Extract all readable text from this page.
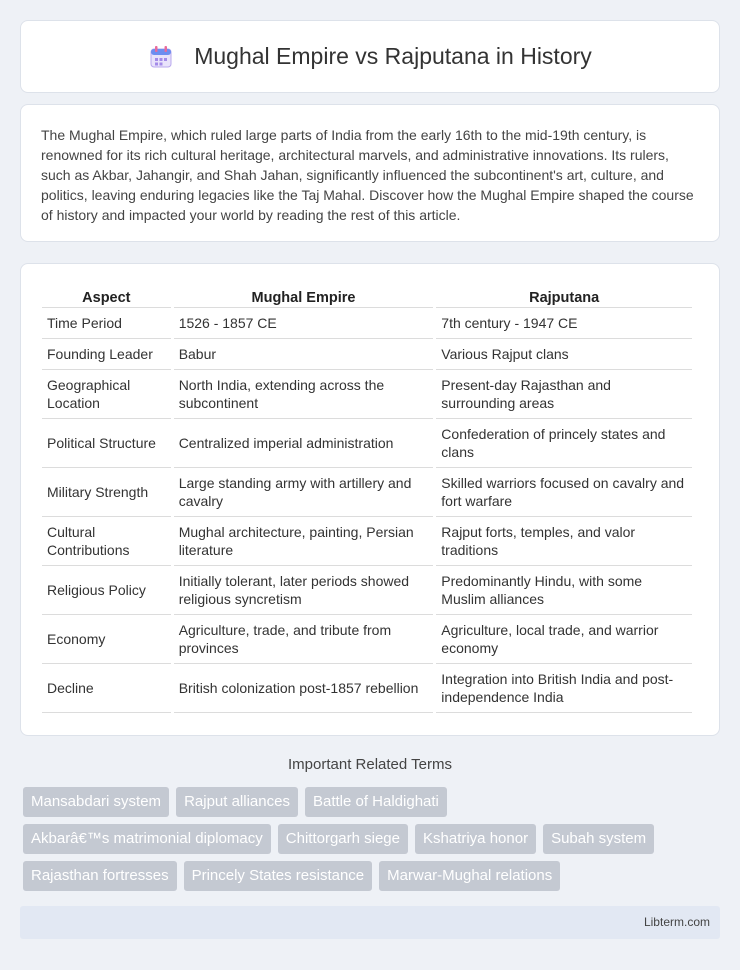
Mughal Empire vs Rajputana in History

The Mughal Empire, which ruled large parts of India from the early 16th to the mid-19th century, is renowned for its rich cultural heritage, architectural marvels, and administrative innovations. Its rulers, such as Akbar, Jahangir, and Shah Jahan, significantly influenced the subcontinent's art, culture, and politics, leaving enduring legacies like the Taj Mahal. Discover how the Mughal Empire shaped the course of history and impacted your world by reading the rest of this article.

Aspect	Mughal Empire	Rajputana
Time Period	1526 - 1857 CE	7th century - 1947 CE
Founding Leader	Babur	Various Rajput clans
Geographical Location	North India, extending across the subcontinent	Present-day Rajasthan and surrounding areas
Political Structure	Centralized imperial administration	Confederation of princely states and clans
Military Strength	Large standing army with artillery and cavalry	Skilled warriors focused on cavalry and fort warfare
Cultural Contributions	Mughal architecture, painting, Persian literature	Rajput forts, temples, and valor traditions
Religious Policy	Initially tolerant, later periods showed religious syncretism	Predominantly Hindu, with some Muslim alliances
Economy	Agriculture, trade, and tribute from provinces	Agriculture, local trade, and warrior economy
Decline	British colonization post-1857 rebellion	Integration into British India and post-independence India
Important Related Terms
Mansabdari system	Rajput alliances	Battle of Haldighati
Akbarâ€™s matrimonial diplomacy	Chittorgarh siege	Kshatriya honor	Subah system
Rajasthan fortresses	Princely States resistance	Marwar-Mughal relations
Libterm.com
